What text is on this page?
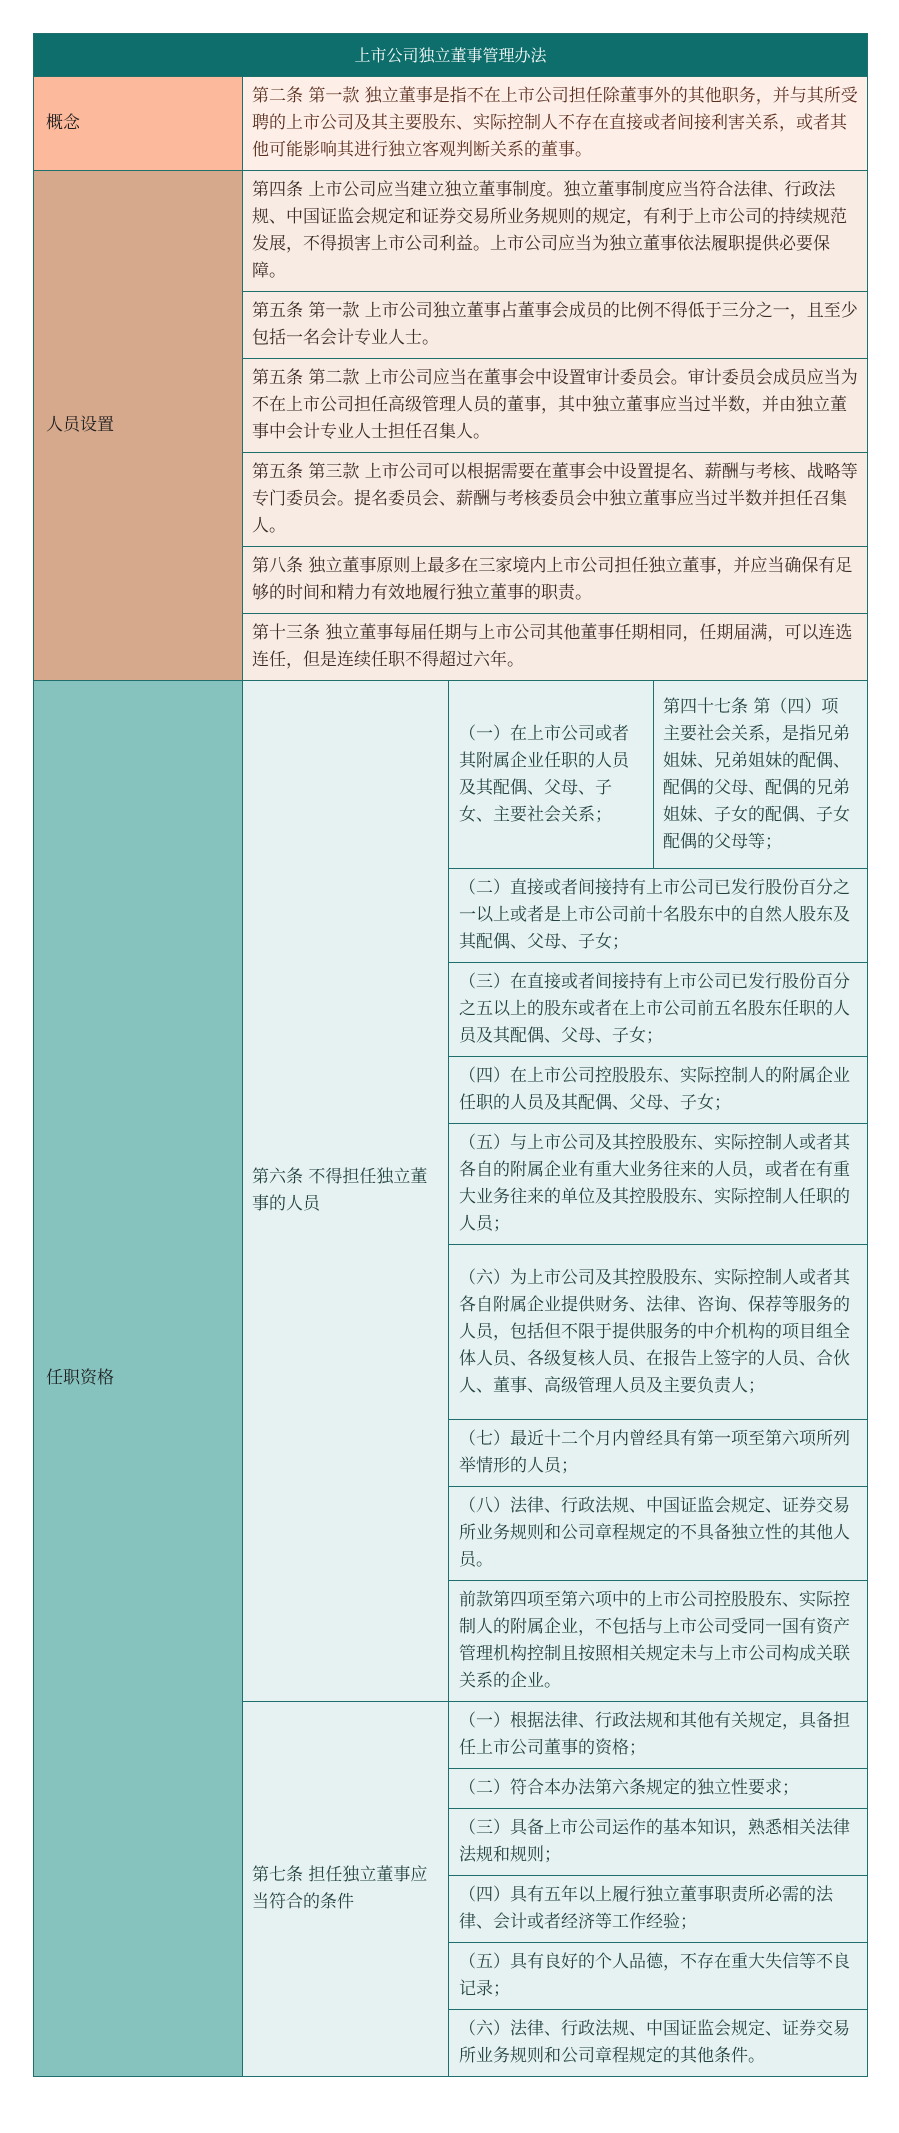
上市公司独立董事管理办法			
概念	第二条 第一款 独立董事是指不在上市公司担任除董事外的其他职务，并与其所受聘的上市公司及其主要股东、实际控制人不存在直接或者间接利害关系，或者其他可能影响其进行独立客观判断关系的董事。		
人员设置	第四条 上市公司应当建立独立董事制度。独立董事制度应当符合法律、行政法规、中国证监会规定和证券交易所业务规则的规定，有利于上市公司的持续规范发展，不得损害上市公司利益。上市公司应当为独立董事依法履职提供必要保障。		
	第五条 第一款 上市公司独立董事占董事会成员的比例不得低于三分之一，且至少包括一名会计专业人士。		
	第五条 第二款 上市公司应当在董事会中设置审计委员会。审计委员会成员应当为不在上市公司担任高级管理人员的董事，其中独立董事应当过半数，并由独立董事中会计专业人士担任召集人。		
	第五条 第三款 上市公司可以根据需要在董事会中设置提名、薪酬与考核、战略等专门委员会。提名委员会、薪酬与考核委员会中独立董事应当过半数并担任召集人。		
	第八条 独立董事原则上最多在三家境内上市公司担任独立董事，并应当确保有足够的时间和精力有效地履行独立董事的职责。		
	第十三条 独立董事每届任期与上市公司其他董事任期相同，任期届满，可以连选连任，但是连续任职不得超过六年。		
任职资格	第六条 不得担任独立董事的人员	（一）在上市公司或者其附属企业任职的人员及其配偶、父母、子女、主要社会关系；	第四十七条 第（四）项 主要社会关系，是指兄弟姐妹、兄弟姐妹的配偶、配偶的父母、配偶的兄弟姐妹、子女的配偶、子女配偶的父母等；
		（二）直接或者间接持有上市公司已发行股份百分之一以上或者是上市公司前十名股东中的自然人股东及其配偶、父母、子女；	
		（三）在直接或者间接持有上市公司已发行股份百分之五以上的股东或者在上市公司前五名股东任职的人员及其配偶、父母、子女；	
		（四）在上市公司控股股东、实际控制人的附属企业任职的人员及其配偶、父母、子女；	
		（五）与上市公司及其控股股东、实际控制人或者其各自的附属企业有重大业务往来的人员，或者在有重大业务往来的单位及其控股股东、实际控制人任职的人员；	
		（六）为上市公司及其控股股东、实际控制人或者其各自附属企业提供财务、法律、咨询、保荐等服务的人员，包括但不限于提供服务的中介机构的项目组全体人员、各级复核人员、在报告上签字的人员、合伙人、董事、高级管理人员及主要负责人；	
		（七）最近十二个月内曾经具有第一项至第六项所列举情形的人员；	
		（八）法律、行政法规、中国证监会规定、证券交易所业务规则和公司章程规定的不具备独立性的其他人员。	
		前款第四项至第六项中的上市公司控股股东、实际控制人的附属企业，不包括与上市公司受同一国有资产管理机构控制且按照相关规定未与上市公司构成关联关系的企业。	
	第七条 担任独立董事应当符合的条件	（一）根据法律、行政法规和其他有关规定，具备担任上市公司董事的资格；	
		（二）符合本办法第六条规定的独立性要求；	
		（三）具备上市公司运作的基本知识，熟悉相关法律法规和规则；	
		（四）具有五年以上履行独立董事职责所必需的法律、会计或者经济等工作经验；	
		（五）具有良好的个人品德，不存在重大失信等不良记录；	
		（六）法律、行政法规、中国证监会规定、证券交易所业务规则和公司章程规定的其他条件。	
